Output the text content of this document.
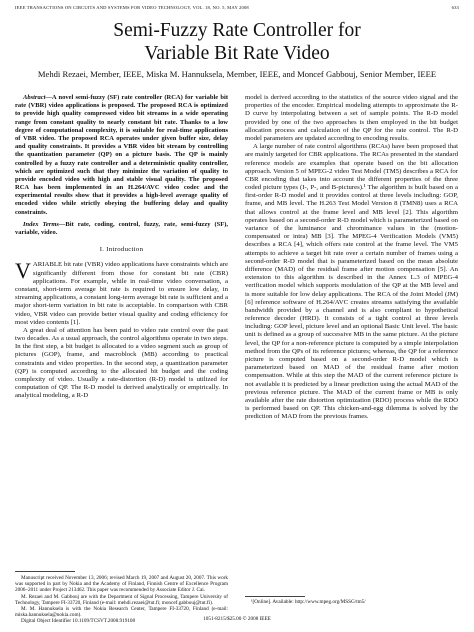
IEEE TRANSACTIONS ON CIRCUITS AND SYSTEMS FOR VIDEO TECHNOLOGY, VOL. 18, NO. 5, MAY 2008	633
Semi-Fuzzy Rate Controller for
Variable Bit Rate Video
Mehdi Rezaei, Member, IEEE, Miska M. Hannuksela, Member, IEEE, and Moncef Gabbouj, Senior Member, IEEE

Abstract—A novel semi-fuzzy (SF) rate controller (RCA) for variable bit rate (VBR) video applications is proposed. The proposed RCA is optimized to provide high quality compressed video bit streams in a wide operating range from constant quality to nearly constant bit rate. Thanks to a low degree of computational complexity, it is suitable for real-time applications of VBR video. The proposed RCA operates under given buffer size, delay and quality constraints. It provides a VBR video bit stream by controlling the quantization parameter (QP) on a picture basis. The QP is mainly controlled by a fuzzy rate controller and a deterministic quality controller, which are optimized such that they minimize the variation of quality to provide encoded video with high and stable visual quality. The proposed RCA has been implemented in an H.264/AVC video codec and the experimental results show that it provides a high-level average quality of encoded video while strictly obeying the buffering delay and quality constraints.

Index Terms—Bit rate, coding, control, fuzzy, rate, semi-fuzzy (SF), variable, video.

I. Introduction

VARIABLE bit rate (VBR) video applications have constraints which are significantly different from those for constant bit rate (CBR) applications. For example, while in real-time video conversation, a constant, short-term average bit rate is required to ensure low delay, in streaming applications, a constant long-term average bit rate is sufficient and a major short-term variation in bit rate is acceptable. In comparison with CBR video, VBR video can provide better visual quality and coding efficiency for most video contents [1].

A great deal of attention has been paid to video rate control over the past two decades. As a usual approach, the control algorithms operate in two steps. In the first step, a bit budget is allocated to a video segment such as group of pictures (GOP), frame, and macroblock (MB) according to practical constraints and video properties. In the second step, a quantization parameter (QP) is computed according to the allocated bit budget and the coding complexity of video. Usually a rate-distortion (R-D) model is utilized for computation of QP. The R-D model is derived analytically or empirically. In analytical modeling, a R-D

Manuscript received November 13, 2006; revised March 19, 2007 and August 20, 2007. This work was supported in part by Nokia and the Academy of Finland, Finnish Centre of Excellence Program 2006–2011 under Project 213462. This paper was recommended by Associate Editor J. Cai.

M. Rezaei and M. Gabbouj are with the Department of Signal Processing, Tampere University of Technology, Tampere FI-33720, Finland (e-mail: mehdi.rezaei@tut.fi; moncef.gabbouj@tut.fi).

M. M. Hannuksela is with the Nokia Research Center, Tampere FI-33720, Finland (e-mail: miska.hannuksela@nokia.com).

Digital Object Identifier 10.1109/TCSVT.2008.919108

model is derived according to the statistics of the source video signal and the properties of the encoder. Empirical modeling attempts to approximate the R-D curve by interpolating between a set of sample points. The R-D model provided by one of the two approaches is then employed in the bit budget allocation process and calculation of the QP for the rate control. The R-D model parameters are updated according to encoding results.

A large number of rate control algorithms (RCAs) have been proposed that are mainly targeted for CBR applications. The RCAs presented in the standard reference models are examples that operate based on the bit allocation approach. Version 5 of MPEG-2 video Test Model (TM5) describes a RCA for CBR encoding that takes into account the different properties of the three coded picture types (I-, P-, and B-pictures).¹ The algorithm is built based on a first-order R-D model and it provides control at three levels including: GOP, frame, and MB level. The H.263 Test Model Version 8 (TMN8) uses a RCA that allows control at the frame level and MB level [2]. This algorithm operates based on a second-order R-D model which is parameterized based on variance of the luminance and chrominance values in the (motion-compensated or intra) MB [3]. The MPEG-4 Verification Models (VM5) describes a RCA [4], which offers rate control at the frame level. The VM5 attempts to achieve a target bit rate over a certain number of frames using a second-order R-D model that is parameterized based on the mean absolute difference (MAD) of the residual frame after motion compensation [5]. An extension to this algorithm is described in the Annex L.3 of MPEG-4 verification model which supports modulation of the QP at the MB level and is more suitable for low delay applications. The RCA of the Joint Model (JM) [6] reference software of H.264/AVC creates streams satisfying the available bandwidth provided by a channel and is also compliant to hypothetical reference decoder (HRD). It consists of a tight control at three levels including: GOP level, picture level and an optional Basic Unit level. The basic unit is defined as a group of successive MB in the same picture. At the picture level, the QP for a non-reference picture is computed by a simple interpolation method from the QPs of its reference pictures; whereas, the QP for a reference picture is computed based on a second-order R-D model which is parameterized based on MAD of the residual frame after motion compensation. While at this step the MAD of the current reference picture is not available it is predicted by a linear prediction using the actual MAD of the previous reference picture. The MAD of the current frame or MB is only available after the rate distortion optimization (RDO) process while the RDO is performed based on QP. This chicken-and-egg dilemma is solved by the prediction of MAD from the previous frames.

¹[Online]. Available: http://www.mpeg.org/MSSG/tm5/
1051-8215/$25.00 © 2008 IEEE
